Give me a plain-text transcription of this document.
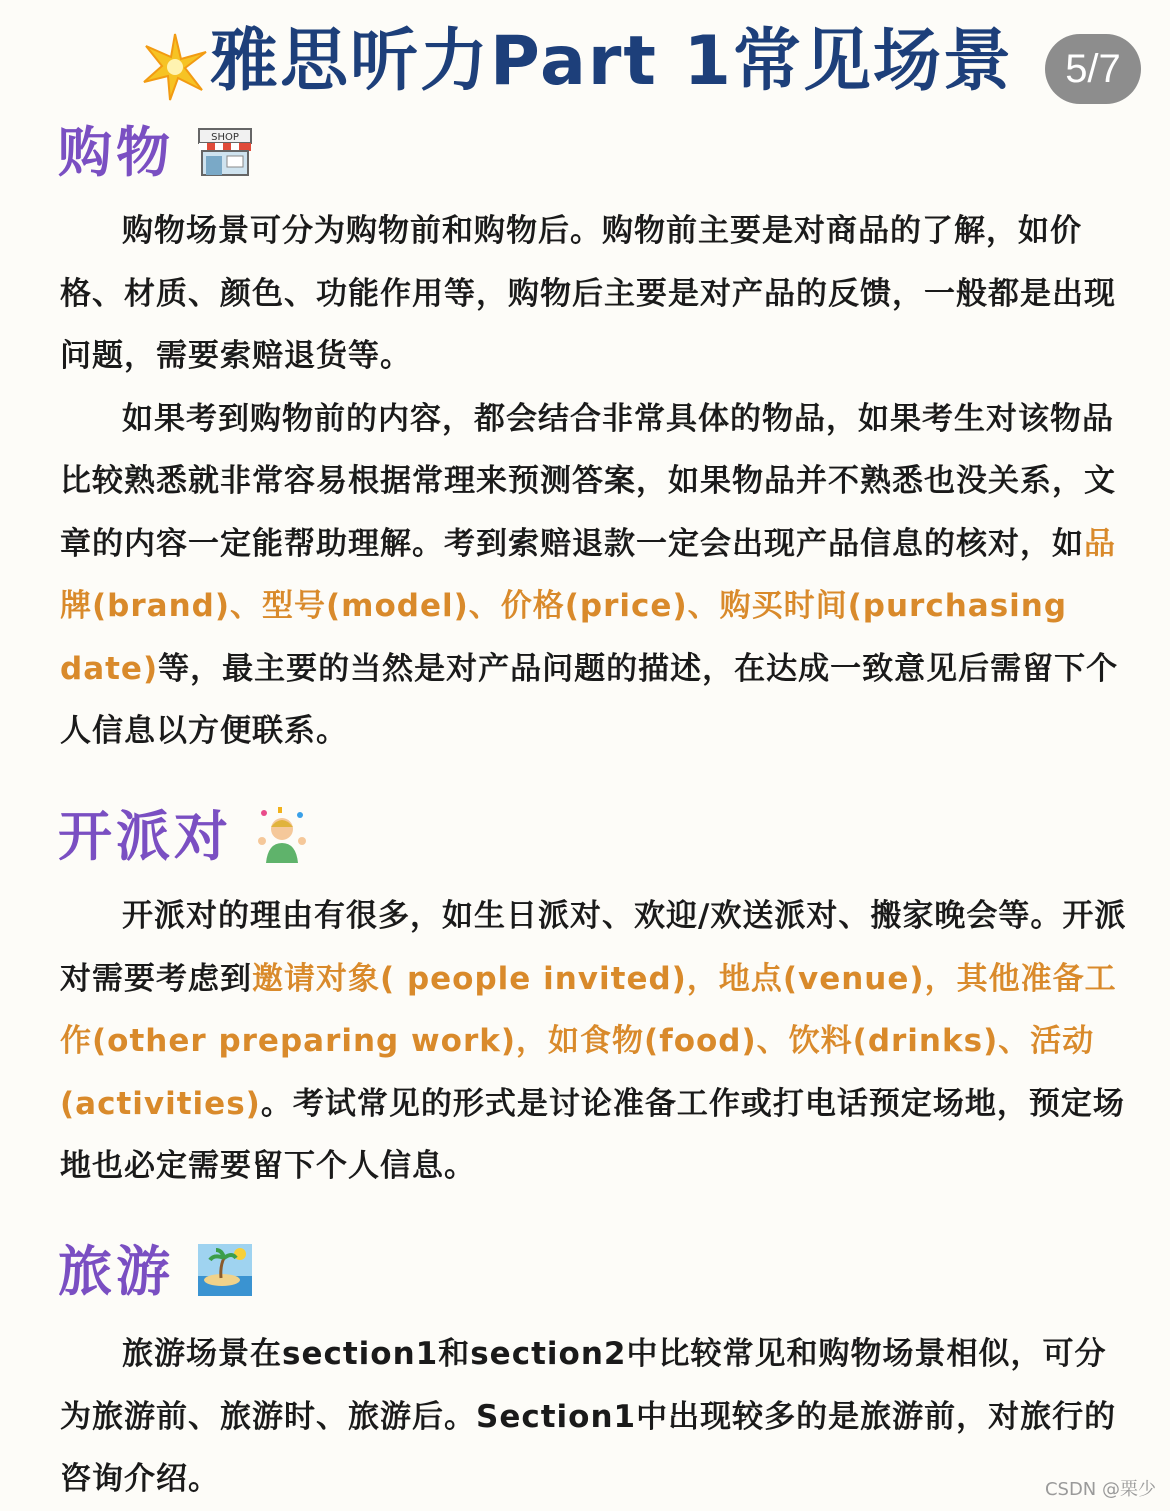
雅思听力Part 1常见场景	5/7
购物	SHOP

购物场景可分为购物前和购物后。购物前主要是对商品的了解，如价格、材质、颜色、功能作用等，购物后主要是对产品的反馈，一般都是出现问题，需要索赔退货等。

如果考到购物前的内容，都会结合非常具体的物品，如果考生对该物品比较熟悉就非常容易根据常理来预测答案，如果物品并不熟悉也没关系，文章的内容一定能帮助理解。考到索赔退款一定会出现产品信息的核对，如品牌(brand)、型号(model)、价格(price)、购买时间(purchasing date)等，最主要的当然是对产品问题的描述，在达成一致意见后需留下个人信息以方便联系。

开派对

开派对的理由有很多，如生日派对、欢迎/欢送派对、搬家晚会等。开派对需要考虑到邀请对象( people invited)，地点(venue)，其他准备工作(other preparing work)，如食物(food)、饮料(drinks)、活动(activities)。考试常见的形式是讨论准备工作或打电话预定场地，预定场地也必定需要留下个人信息。

旅游

旅游场景在section1和section2中比较常见和购物场景相似，可分为旅游前、旅游时、旅游后。Section1中出现较多的是旅游前，对旅行的咨询介绍。	CSDN @栗少
